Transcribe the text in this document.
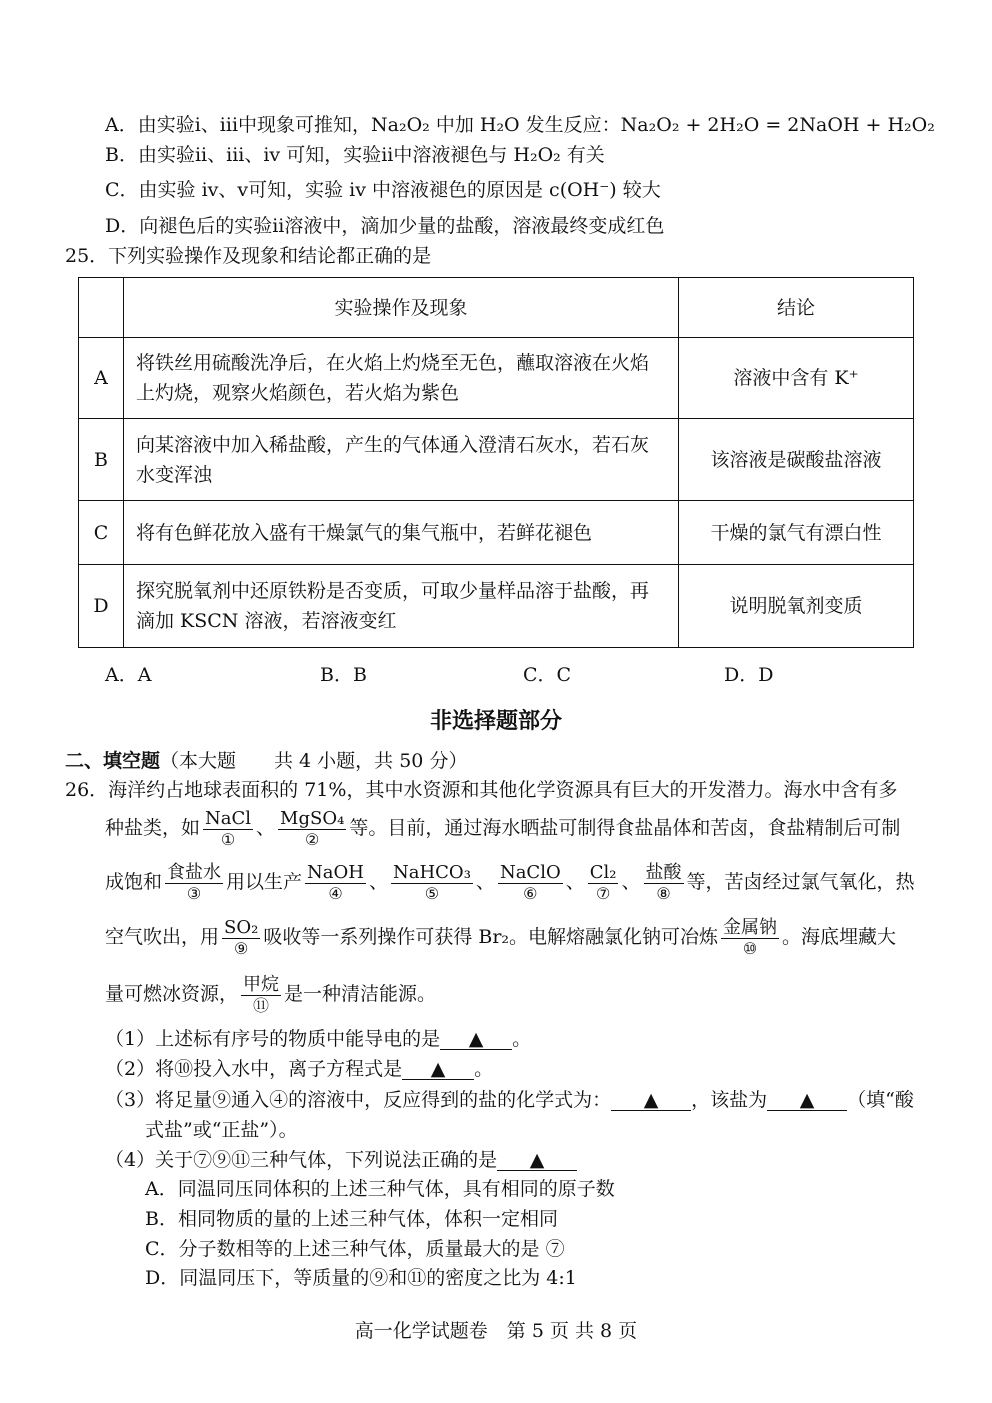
A．由实验i、iii中现象可推知，Na₂O₂ 中加 H₂O 发生反应：Na₂O₂ + 2H₂O = 2NaOH + H₂O₂
B．由实验ii、iii、iv 可知，实验ii中溶液褪色与 H₂O₂ 有关
C．由实验 iv、v可知，实验 iv 中溶液褪色的原因是 c(OH⁻) 较大
D．向褪色后的实验ii溶液中，滴加少量的盐酸，溶液最终变成红色
25．下列实验操作及现象和结论都正确的是
	实验操作及现象	结论
A	将铁丝用硫酸洗净后，在火焰上灼烧至无色，蘸取溶液在火焰
上灼烧，观察火焰颜色，若火焰为紫色	溶液中含有 K⁺
B	向某溶液中加入稀盐酸，产生的气体通入澄清石灰水，若石灰
水变浑浊	该溶液是碳酸盐溶液
C	将有色鲜花放入盛有干燥氯气的集气瓶中，若鲜花褪色	干燥的氯气有漂白性
D	探究脱氧剂中还原铁粉是否变质，可取少量样品溶于盐酸，再
滴加 KSCN 溶液，若溶液变红	说明脱氧剂变质
A．A	B．B	C．C	D．D
非选择题部分
二、填空题（本大题　　共 4 小题，共 50 分）
26．海洋约占地球表面积的 71%，其中水资源和其他化学资源具有巨大的开发潜力。海水中含有多
种盐类，如 $\frac{\text{NaCl}}{\text{①}}$ 、 $\frac{\text{MgSO₄}}{\text{②}}$ 等。目前，通过海水晒盐可制得食盐晶体和苦卤，食盐精制后可制
成饱和 $\frac{\text{食盐水}}{\text{③}}$ 用以生产 $\frac{\text{NaOH}}{\text{④}}$ 、 $\frac{\text{NaHCO₃}}{\text{⑤}}$ 、 $\frac{\text{NaClO}}{\text{⑥}}$ 、 $\frac{\text{Cl₂}}{\text{⑦}}$ 、 $\frac{\text{盐酸}}{\text{⑧}}$ 等，苦卤经过氯气氧化，热
空气吹出，用 $\frac{\text{SO₂}}{\text{⑨}}$ 吸收等一系列操作可获得 Br₂。电解熔融氯化钠可冶炼 $\frac{\text{金属钠}}{\text{⑩}}$ 。海底埋藏大
量可燃冰资源， $\frac{\text{甲烷}}{\text{⑪}}$ 是一种清洁能源。
（1）上述标有序号的物质中能导电的是 ▲ 。
（2）将⑩投入水中，离子方程式是 ▲ 。
（3）将足量⑨通入④的溶液中，反应得到的盐的化学式为： ▲ ，该盐为 ▲ （填“酸
式盐”或“正盐”）。
（4）关于⑦⑨⑪三种气体，下列说法正确的是 ▲
A．同温同压同体积的上述三种气体，具有相同的原子数
B．相同物质的量的上述三种气体，体积一定相同
C．分子数相等的上述三种气体，质量最大的是 ⑦
D．同温同压下，等质量的⑨和⑪的密度之比为 4:1
高一化学试题卷　第 5 页 共 8 页
